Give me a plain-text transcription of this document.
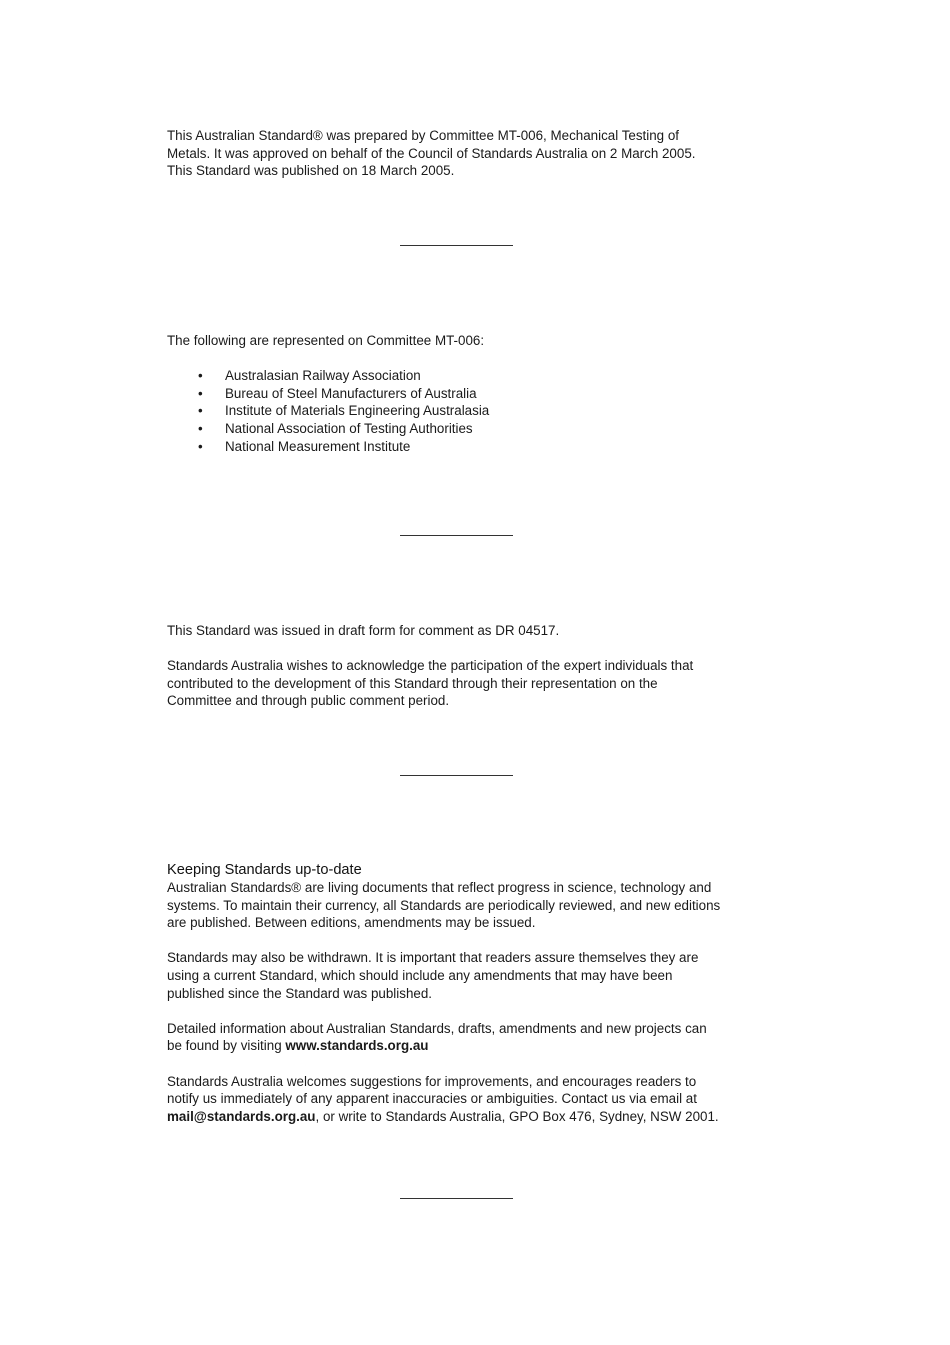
This Australian Standard® was prepared by Committee MT-006, Mechanical Testing of

Metals. It was approved on behalf of the Council of Standards Australia on 2 March 2005.

This Standard was published on 18 March 2005.

The following are represented on Committee MT-006:

• Australasian Railway Association
• Bureau of Steel Manufacturers of Australia
• Institute of Materials Engineering Australasia
• National Association of Testing Authorities
• National Measurement Institute

This Standard was issued in draft form for comment as DR 04517.

Standards Australia wishes to acknowledge the participation of the expert individuals that

contributed to the development of this Standard through their representation on the

Committee and through public comment period.

Keeping Standards up-to-date

Australian Standards® are living documents that reflect progress in science, technology and

systems. To maintain their currency, all Standards are periodically reviewed, and new editions

are published. Between editions, amendments may be issued.

Standards may also be withdrawn. It is important that readers assure themselves they are

using a current Standard, which should include any amendments that may have been

published since the Standard was published.

Detailed information about Australian Standards, drafts, amendments and new projects can

be found by visiting www.standards.org.au

Standards Australia welcomes suggestions for improvements, and encourages readers to

notify us immediately of any apparent inaccuracies or ambiguities. Contact us via email at

mail@standards.org.au, or write to Standards Australia, GPO Box 476, Sydney, NSW 2001.
